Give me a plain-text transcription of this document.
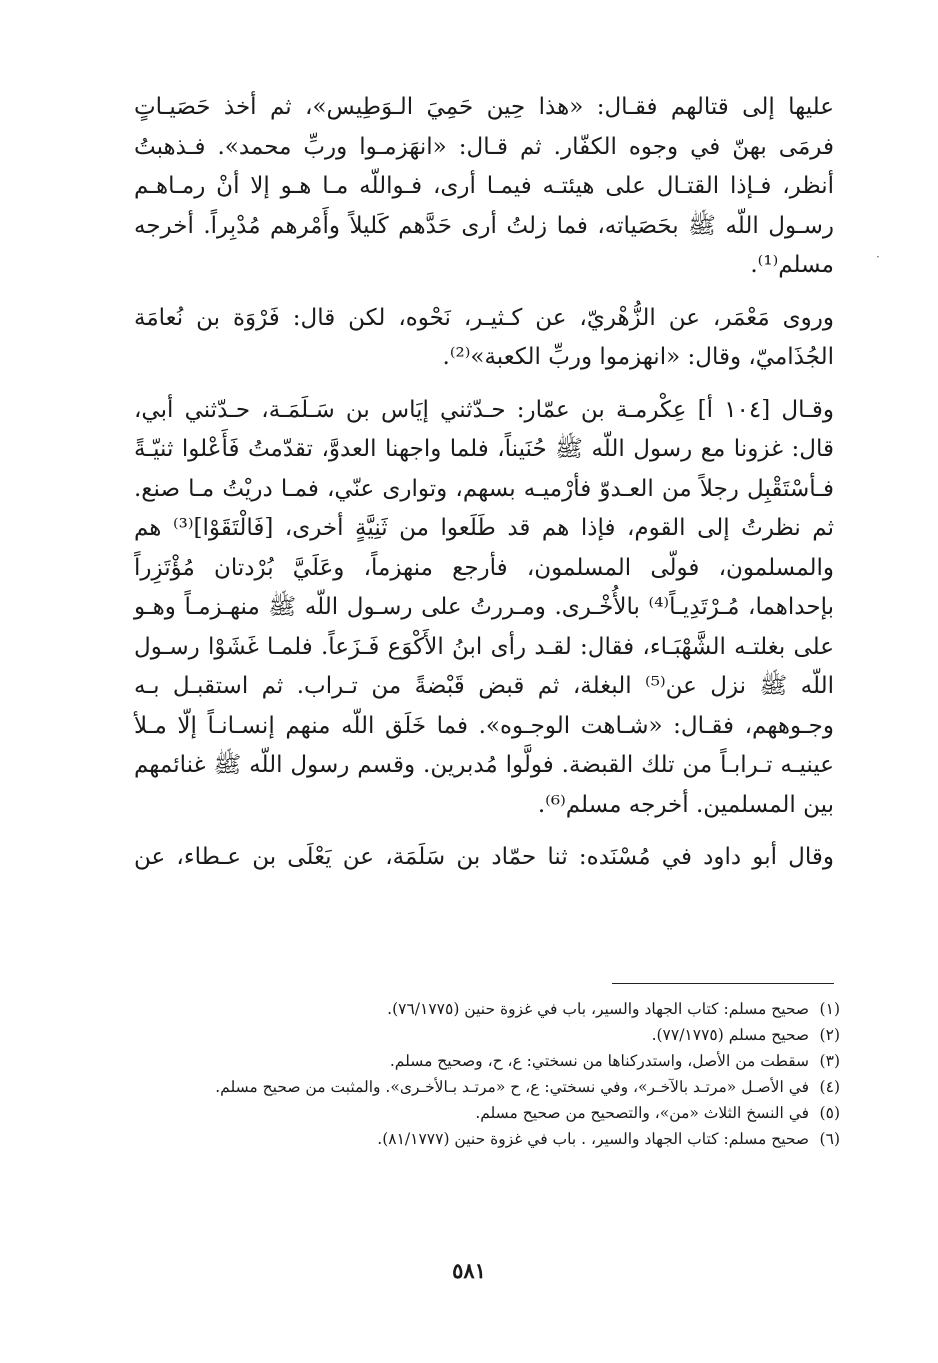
عليها إلى قتالهم فقـال: «هذا حِين حَمِيَ الـوَطِيس»، ثم أخذ حَصَيـاتٍ فرمَى بهنّ في وجوه الكفّار. ثم قـال: «انهَزمـوا وربِّ محمد». فـذهبتُ أنظر، فـإذا القتـال على هيئتـه فيمـا أرى، فـواللّه مـا هـو إلا أنْ رمـاهـم رسـول اللّه ﷺ بحَصَياته، فما زلتُ أرى حَدَّهم كَليلاً وأَمْرهم مُدْبِراً. أخرجه مسلم⁽¹⁾.

وروى مَعْمَر، عن الزُّهْريّ، عن كـثيـر، نَحْوه، لكن قال: فَرْوَة بن نُعامَة الجُذَاميّ، وقال: «انهزموا وربِّ الكعبة»⁽²⁾.

وقـال [١٠٤ أ] عِكْرمـة بن عمّار: حـدّثني إيَاس بن سَـلَمَـة، حـدّثني أبي، قال: غزونا مع رسول اللّه ﷺ حُنَيناً، فلما واجهنا العدوَّ، تقدّمتُ فَأَعْلوا ثنيّـةً فـأسْتَقْبِل رجلاً من العـدوّ فأرْميـه بسهم، وتوارى عنّي، فمـا دريْتُ مـا صنع. ثم نظرتُ إلى القوم، فإذا هم قد طَلَعوا من ثَنِيَّةٍ أخرى، [فَالْتَقَوْا]⁽³⁾ هم والمسلمون، فولّى المسلمون، فأرجع منهزماً، وعَلَيَّ بُرْدتان مُؤْتَزِراً بإحداهما، مُـرْتَدِيـاً⁽⁴⁾ بالأُخْـرى. ومـررتُ على رسـول اللّه ﷺ منهـزمـاً وهـو على بغلتـه الشَّهْبَـاء، فقال: لقـد رأى ابنُ الأَكْوَع فَـزَعاً. فلمـا غَشَوْا رسـول اللّه ﷺ نزل عن⁽⁵⁾ البغلة، ثم قبض قَبْضةً من تـراب. ثم استقبـل بـه وجـوههم، فقـال: «شـاهت الوجـوه». فما خَلَق اللّه منهم إنسـانـاً إلّا مـلأ عينيـه تـرابـاً من تلك القبضة. فولَّوا مُدبرين. وقسم رسول اللّه ﷺ غنائمهم بين المسلمين. أخرجه مسلم⁽⁶⁾.

وقال أبو داود في مُسْنَده: ثنا حمّاد بن سَلَمَة، عن يَعْلَى بن عـطاء، عن

(١) صحيح مسلم: كتاب الجهاد والسير، باب في غزوة حنين (٧٦/١٧٧٥).

(٢) صحيح مسلم (٧٧/١٧٧٥).

(٣) سقطت من الأصل، واستدركناها من نسختي: ع، ح، وصحيح مسلم.

(٤) في الأصـل «مرتـد بالآخـر»، وفي نسختي: ع، ح «مرتـد بـالأخـرى». والمثبت من صحيح مسلم.

(٥) في النسخ الثلاث «من»، والتصحيح من صحيح مسلم.

(٦) صحيح مسلم: كتاب الجهاد والسير، . باب في غزوة حنين (٨١/١٧٧٧).

٥٨١
·
